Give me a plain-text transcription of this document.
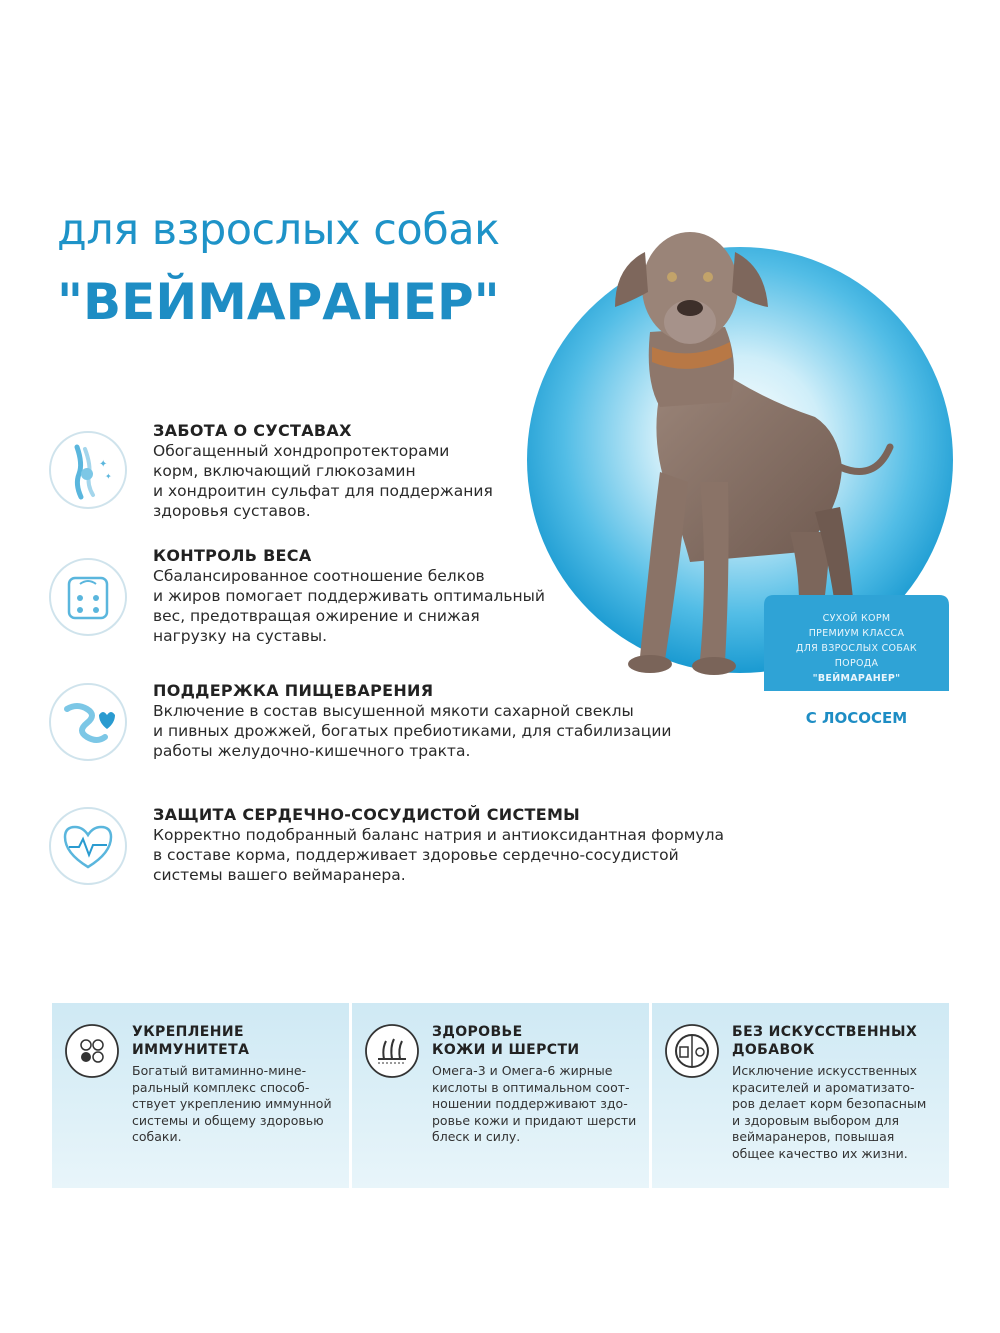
для взрослых собак
"ВЕЙМАРАНЕР"
СУХОЙ КОРМ
ПРЕМИУМ КЛАССА
ДЛЯ ВЗРОСЛЫХ СОБАК
ПОРОДА
"ВЕЙМАРАНЕР"
С ЛОСОСЕМ
✦
✦
ЗАБОТА О СУСТАВАХ
Обогащенный хондропротекторами
корм, включающий глюкозамин
и хондроитин сульфат для поддержания
здоровья суставов.
КОНТРОЛЬ ВЕСА
Сбалансированное соотношение белков
и жиров помогает поддерживать оптимальный
вес, предотвращая ожирение и снижая
нагрузку на суставы.
ПОДДЕРЖКА ПИЩЕВАРЕНИЯ
Включение в состав высушенной мякоти сахарной свеклы
и пивных дрожжей, богатых пребиотиками, для стабилизации
работы желудочно-кишечного тракта.
ЗАЩИТА СЕРДЕЧНО-СОСУДИСТОЙ СИСТЕМЫ
Корректно подобранный баланс натрия и антиоксидантная формула
в составе корма, поддерживает здоровье сердечно-сосудистой
системы вашего веймаранера.
УКРЕПЛЕНИЕ
ИММУНИТЕТА
Богатый витаминно-мине-
ральный комплекс способ-
ствует укреплению иммунной
системы и общему здоровью
собаки.
ЗДОРОВЬЕ
КОЖИ И ШЕРСТИ
Омега-3 и Омега-6 жирные
кислоты в оптимальном соот-
ношении поддерживают здо-
ровье кожи и придают шерсти
блеск и силу.
БЕЗ ИСКУССТВЕННЫХ
ДОБАВОК
Исключение искусственных
красителей и ароматизато-
ров делает корм безопасным
и здоровым выбором для
веймаранеров, повышая
общее качество их жизни.
